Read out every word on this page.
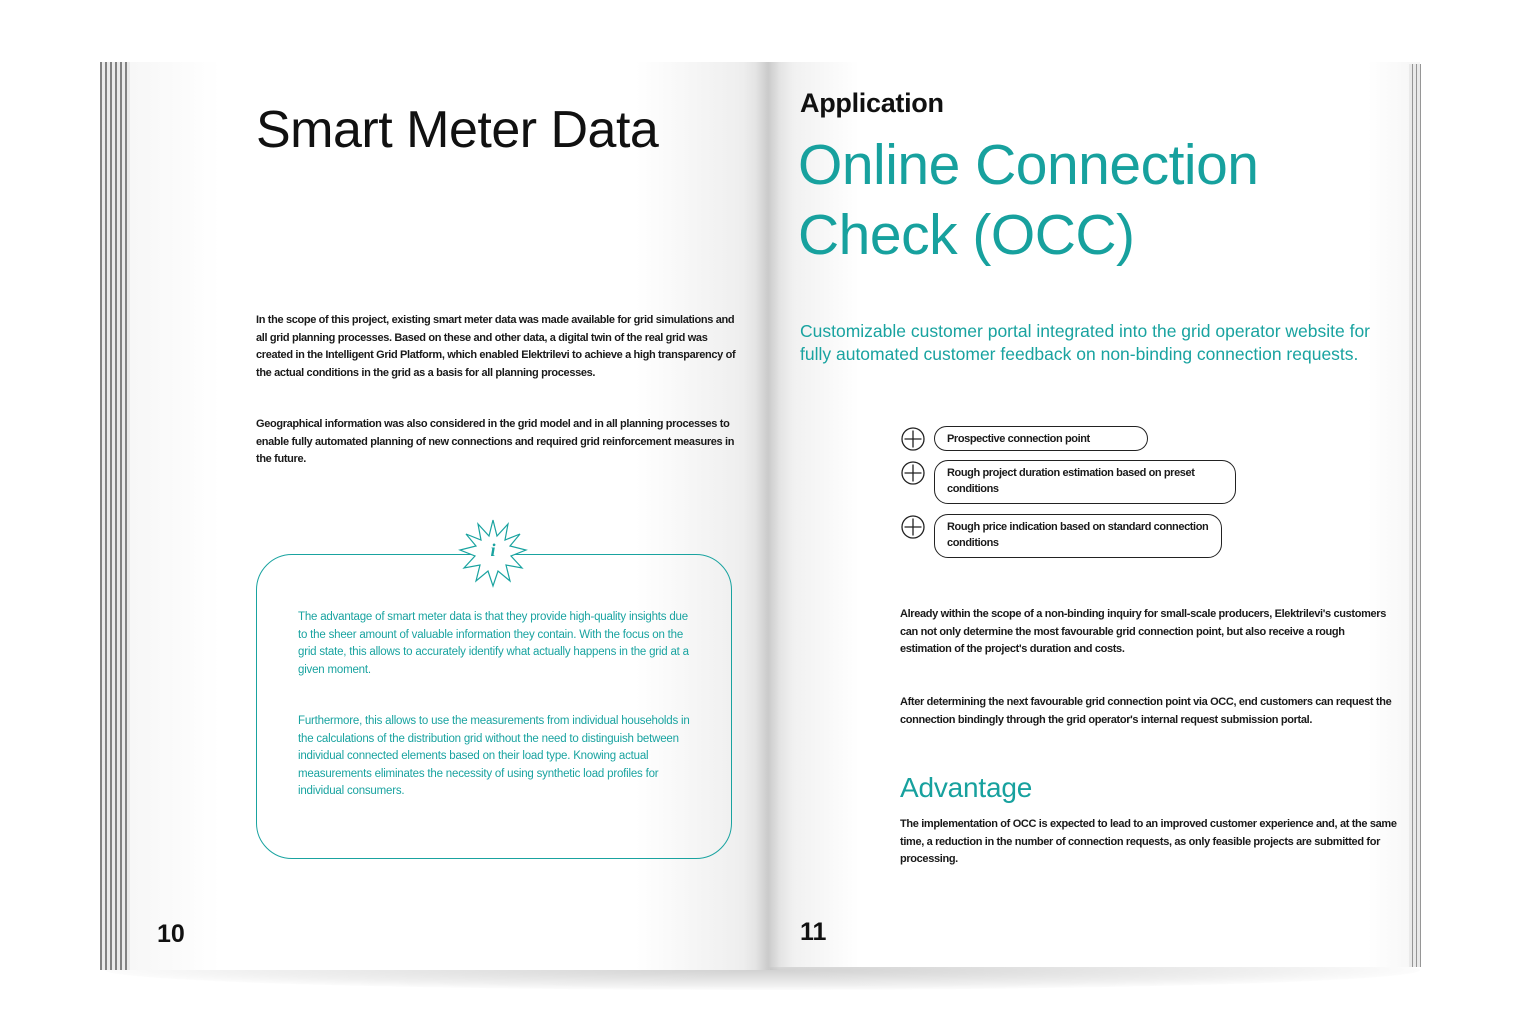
Smart Meter Data

In the scope of this project, existing smart meter data was made available for grid simulations and all grid planning processes. Based on these and other data, a digital twin of the real grid was created in the Intelligent Grid Platform, which enabled Elektrilevi to achieve a high transparency of the actual conditions in the grid as a basis for all planning processes.

Geographical information was also considered in the grid model and in all planning processes to enable fully automated planning of new connections and required grid reinforcement measures in the future.

i

The advantage of smart meter data is that they provide high-quality insights due to the sheer amount of valuable information they contain. With the focus on the grid state, this allows to accurately identify what actually happens in the grid at a given moment.

Furthermore, this allows to use the measurements from individual households in the calculations of the distribution grid without the need to distinguish between individual connected elements based on their load type. Knowing actual measurements eliminates the necessity of using synthetic load profiles for individual consumers.

10

Application
Online Connection Check (OCC)

Customizable customer portal integrated into the grid operator website for fully automated customer feedback on non-binding connection requests.

Prospective connection point
Rough project duration estimation based on preset conditions
Rough price indication based on standard connection conditions

Already within the scope of a non-binding inquiry for small-scale producers, Elektrilevi's customers can not only determine the most favourable grid connection point, but also receive a rough estimation of the project's duration and costs.

After determining the next favourable grid connection point via OCC, end customers can request the connection bindingly through the grid operator's internal request submission portal.

Advantage

The implementation of OCC is expected to lead to an improved customer experience and, at the same time, a reduction in the number of connection requests, as only feasible projects are submitted for processing.

11
